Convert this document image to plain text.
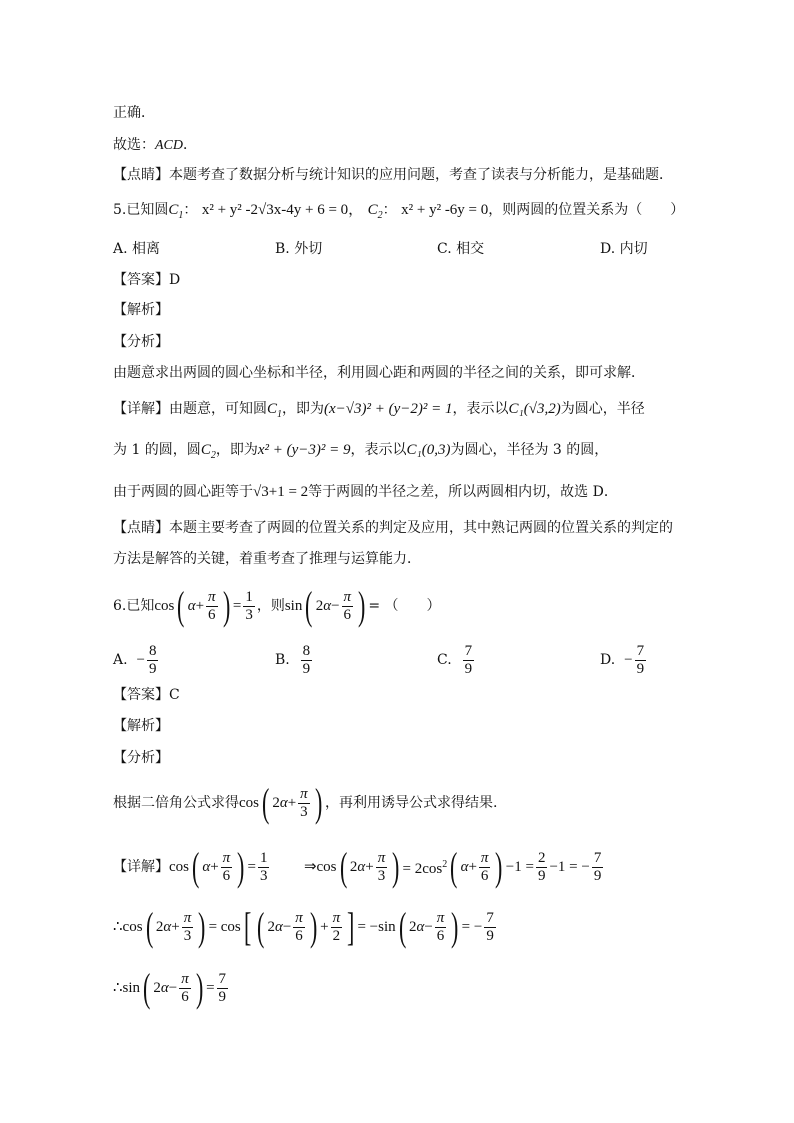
正确．
故选：ACD．
【点睛】本题考查了数据分析与统计知识的应用问题，考查了读表与分析能力，是基础题．
5.已知圆$C_1$： x² + y² -2√3x-4y + 6 = 0， $C_2$： x² + y² -6y = 0，则两圆的位置关系为（　　）
A. 相离	B. 外切	C. 相交	D. 内切
【答案】D
【解析】
【分析】
由题意求出两圆的圆心坐标和半径，利用圆心距和两圆的半径之间的关系，即可求解．
【详解】由题意，可知圆$C_1$，即为(x−√3)² + (y−2)² = 1，表示以C₁(√3,2)为圆心，半径
为 1 的圆，圆$C_2$，即为x² + (y−3)² = 9，表示以C₁(0,3)为圆心，半径为 3 的圆，
由于两圆的圆心距等于√3+1 = 2等于两圆的半径之差，所以两圆相内切，故选 D．
【点睛】本题主要考查了两圆的位置关系的判定及应用，其中熟记两圆的位置关系的判定的
方法是解答的关键，着重考查了推理与运算能力．
6.已知cos( $\alpha+ \frac{\pi}{6}$ ) = $\frac{1}{3}$ ，则sin( $2\alpha- \frac{\pi}{6}$ ) = （　　）
A. − $\frac{8}{9}$	B. $\frac{8}{9}$	C. $\frac{7}{9}$	D. − $\frac{7}{9}$
【答案】C
【解析】
【分析】
根据二倍角公式求得cos( $2\alpha+ \frac{\pi}{3}$ ) ，再利用诱导公式求得结果.
【详解】cos( $\alpha+ \frac{\pi}{6}$ ) = $\frac{1}{3}$ ⇒cos( $2\alpha+ \frac{\pi}{3}$ ) = $2\cos^2$( $\alpha+ \frac{\pi}{6}$ ) $-1 = \frac{2}{9} -1$ = − $\frac{7}{9}$
∴cos( $2\alpha+ \frac{\pi}{3}$ ) = cos[ ( $2\alpha- \frac{\pi}{6}$ ) + $\frac{\pi}{2}$ ] = −sin( $2\alpha- \frac{\pi}{6}$ ) = − $\frac{7}{9}$
∴sin( $2\alpha- \frac{\pi}{6}$ ) = $\frac{7}{9}$
